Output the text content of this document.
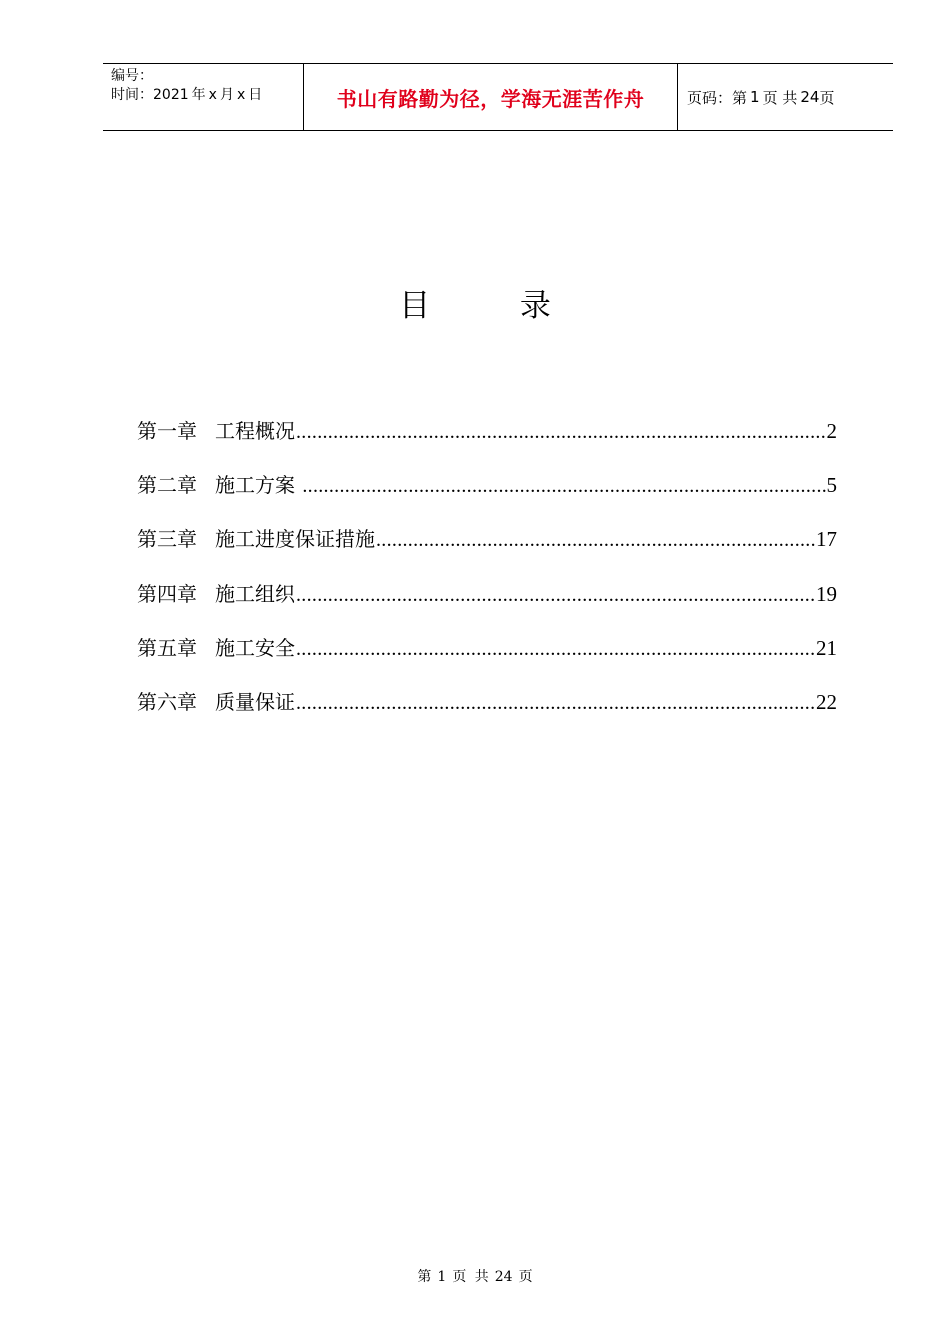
编号：
时间：2021 年 x 月 x 日	书山有路勤为径，学海无涯苦作舟	页码：第 1 页 共 24 页
目 录
第一章 工程概况 .....	2
第二章 施工方案 .....	5
第三章 施工进度保证措施 .....	17
第四章 施工组织 .....	19
第五章 施工安全 .....	21
第六章 质量保证 .....	22
第 1 页 共 24 页
